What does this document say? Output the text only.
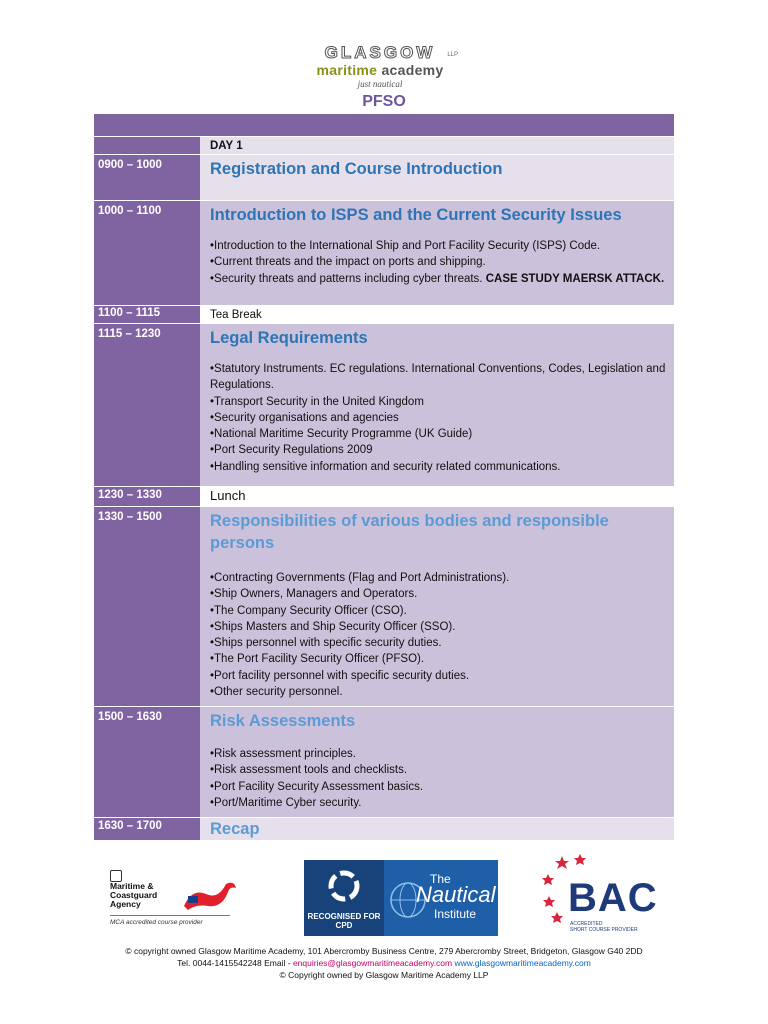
GLASGOW	LLP
maritime academy
just nautical
PFSO
DAY 1
0900 – 1000	Registration and Course Introduction

1000 – 1100	Introduction to ISPS and the Current Security Issues

• Introduction to the International Ship and Port Facility Security (ISPS) Code.
• Current threats and the impact on ports and shipping.
• Security threats and patterns including cyber threats. CASE STUDY MAERSK ATTACK.
1100 – 1115	Tea Break
1115 – 1230	Legal Requirements

• Statutory Instruments. EC regulations. International Conventions, Codes, Legislation and Regulations.
• Transport Security in the United Kingdom
• Security organisations and agencies
• National Maritime Security Programme (UK Guide)
• Port Security Regulations 2009
• Handling sensitive information and security related communications.
1230 – 1330	Lunch
1330 – 1500	Responsibilities of various bodies and responsible persons

• Contracting Governments (Flag and Port Administrations).
• Ship Owners, Managers and Operators.
• The Company Security Officer (CSO).
• Ships Masters and Ship Security Officer (SSO).
• Ships personnel with specific security duties.
• The Port Facility Security Officer (PFSO).
• Port facility personnel with specific security duties.
• Other security personnel.
1500 – 1630	Risk Assessments

• Risk assessment principles.
• Risk assessment tools and checklists.
• Port Facility Security Assessment basics.
• Port/Maritime Cyber security.
1630 – 1700	Recap

Maritime & Coastguard Agency
MCA accredited course provider
RECOGNISED FOR CPD
The
Nautical
Institute BAC
ACCREDITED
SHORT COURSE PROVIDER
© copyright owned Glasgow Maritime Academy, 101 Abercromby Business Centre, 279 Abercromby Street, Bridgeton, Glasgow G40 2DD
Tel. 0044-1415542248 Email - enquiries@glasgowmaritimeacademy.com www.glasgowmaritimeacademy.com
© Copyright owned by Glasgow Maritime Academy LLP
